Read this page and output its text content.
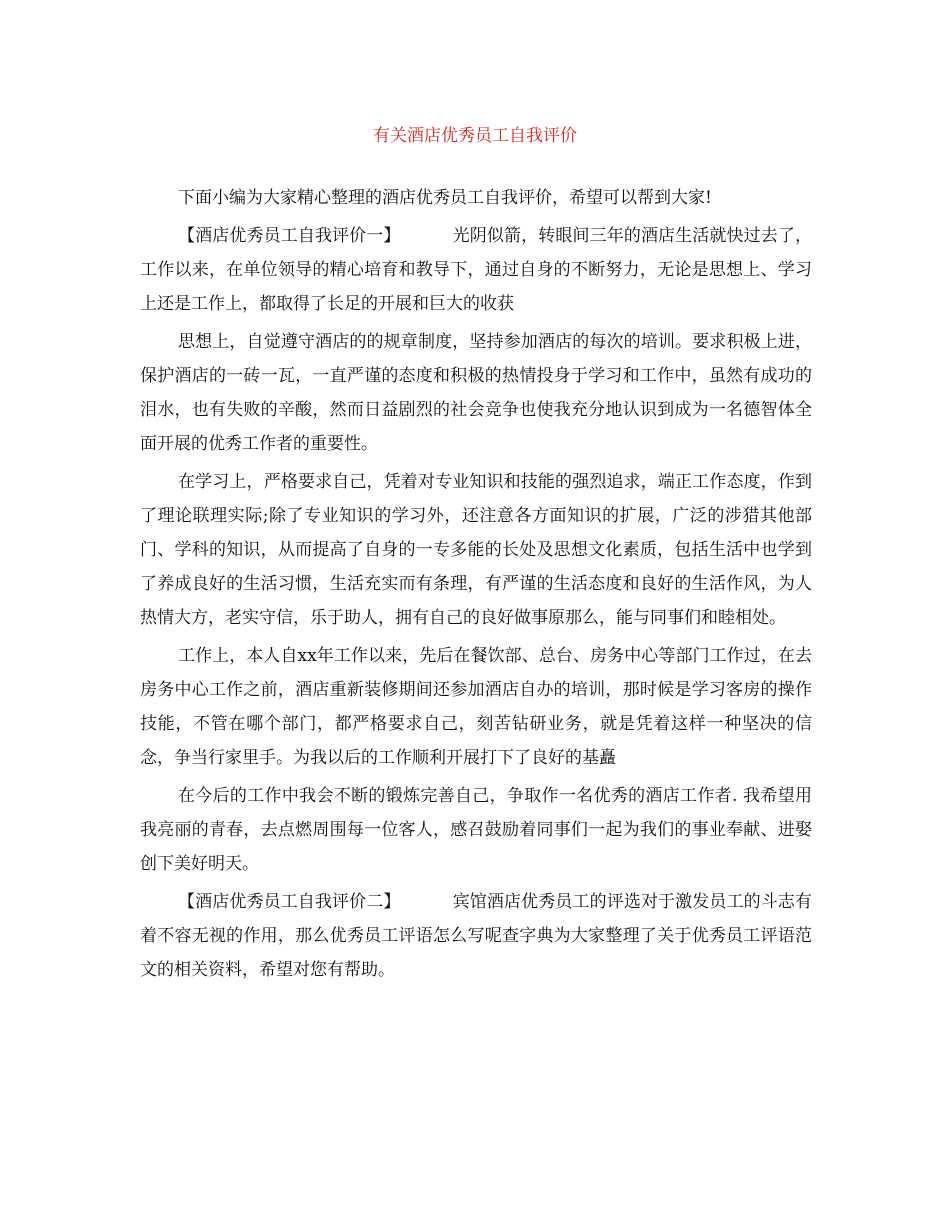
有关酒店优秀员工自我评价

下面小编为大家精心整理的酒店优秀员工自我评价，希望可以帮到大家!

【酒店优秀员工自我评价一】	光阴似箭，转眼间三年的酒店生活就快过去了，工作以来，在单位领导的精心培育和教导下，通过自身的不断努力，无论是思想上、学习上还是工作上，都取得了长足的开展和巨大的收获

思想上，自觉遵守酒店的的规章制度，坚持参加酒店的每次的培训。要求积极上进，保护酒店的一砖一瓦，一直严谨的态度和积极的热情投身于学习和工作中，虽然有成功的泪水，也有失败的辛酸，然而日益剧烈的社会竞争也使我充分地认识到成为一名德智体全面开展的优秀工作者的重要性。

在学习上，严格要求自己，凭着对专业知识和技能的强烈追求，端正工作态度，作到了理论联理实际;除了专业知识的学习外，还注意各方面知识的扩展，广泛的涉猎其他部门、学科的知识，从而提高了自身的一专多能的长处及思想文化素质，包括生活中也学到了养成良好的生活习惯，生活充实而有条理，有严谨的生活态度和良好的生活作风，为人热情大方，老实守信，乐于助人，拥有自己的良好做事原那么，能与同事们和睦相处。

工作上，本人自xx年工作以来，先后在餐饮部、总台、房务中心等部门工作过，在去房务中心工作之前，酒店重新装修期间还参加酒店自办的培训，那时候是学习客房的操作技能，不管在哪个部门，都严格要求自己，刻苦钻研业务，就是凭着这样一种坚决的信念，争当行家里手。为我以后的工作顺利开展打下了良好的基矗

在今后的工作中我会不断的锻炼完善自己，争取作一名优秀的酒店工作者. 我希望用我亮丽的青春，去点燃周围每一位客人，感召鼓励着同事们一起为我们的事业奉献、进娶创下美好明天。

【酒店优秀员工自我评价二】	宾馆酒店优秀员工的评选对于激发员工的斗志有着不容无视的作用，那么优秀员工评语怎么写呢查字典为大家整理了关于优秀员工评语范文的相关资料，希望对您有帮助。
